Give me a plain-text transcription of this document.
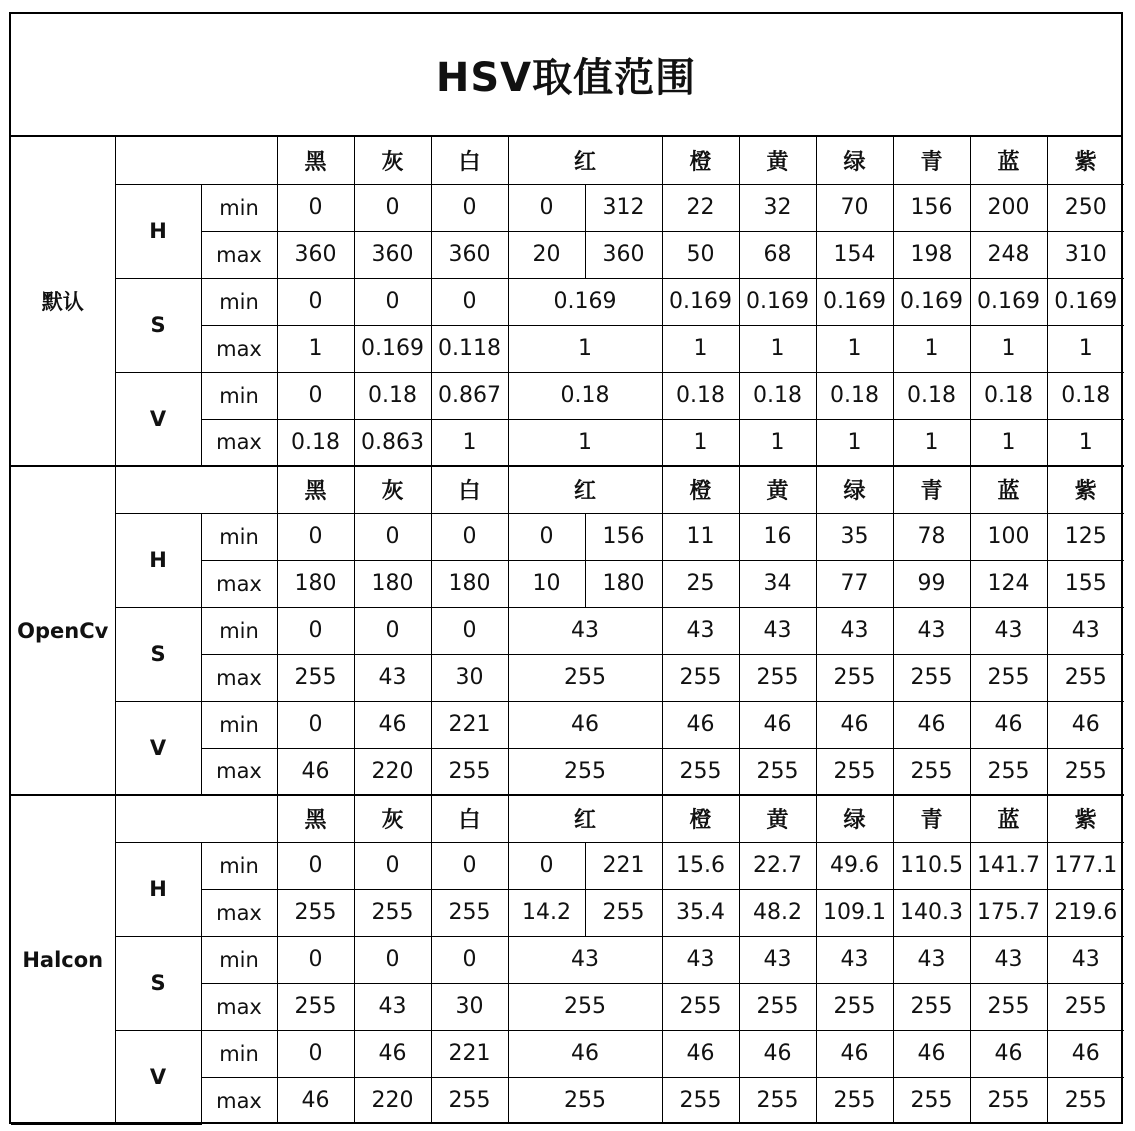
HSV取值范围
默认			黑	灰	白	红		橙	黄	绿	青	蓝	紫
	H	min	0	0	0	0	312	22	32	70	156	200	250
		max	360	360	360	20	360	50	68	154	198	248	310
	S	min	0	0	0	0.169		0.169	0.169	0.169	0.169	0.169	0.169
		max	1	0.169	0.118	1		1	1	1	1	1	1
	V	min	0	0.18	0.867	0.18		0.18	0.18	0.18	0.18	0.18	0.18
		max	0.18	0.863	1	1		1	1	1	1	1	1
OpenCv			黑	灰	白	红		橙	黄	绿	青	蓝	紫
	H	min	0	0	0	0	156	11	16	35	78	100	125
		max	180	180	180	10	180	25	34	77	99	124	155
	S	min	0	0	0	43		43	43	43	43	43	43
		max	255	43	30	255		255	255	255	255	255	255
	V	min	0	46	221	46		46	46	46	46	46	46
		max	46	220	255	255		255	255	255	255	255	255
Halcon			黑	灰	白	红		橙	黄	绿	青	蓝	紫
	H	min	0	0	0	0	221	15.6	22.7	49.6	110.5	141.7	177.1
		max	255	255	255	14.2	255	35.4	48.2	109.1	140.3	175.7	219.6
	S	min	0	0	0	43		43	43	43	43	43	43
		max	255	43	30	255		255	255	255	255	255	255
	V	min	0	46	221	46		46	46	46	46	46	46
		max	46	220	255	255		255	255	255	255	255	255
